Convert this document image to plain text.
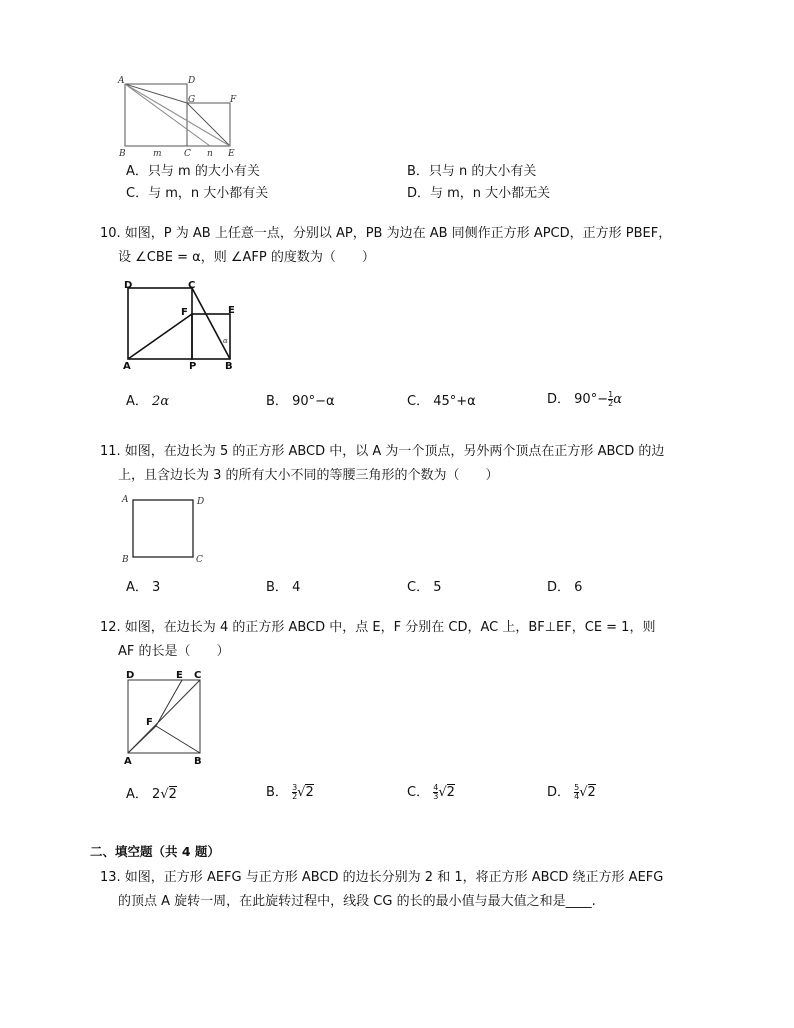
A	D
G	F
B	m C n E
A．只与 m 的大小有关	B．只与 n 的大小有关
C．与 m，n 大小都有关	D．与 m，n 大小都无关
10. 如图，P 为 AB 上任意一点，分别以 AP，PB 为边在 AB 同侧作正方形 APCD，正方形 PBEF，
设 ∠CBE = α，则 ∠AFP 的度数为（　　）
D	C
F	E
A	P	B
α
A． 2α	B． 90°−α	C． 45°+α	D． $90^\circ- \frac{1}{2}$ α
11. 如图，在边长为 5 的正方形 ABCD 中，以 A 为一个顶点，另外两个顶点在正方形 ABCD 的边
上，且含边长为 3 的所有大小不同的等腰三角形的个数为（　　）
A	D
B	C
A． 3	B． 4	C． 5	D． 6
12. 如图，在边长为 4 的正方形 ABCD 中，点 E，F 分别在 CD，AC 上，BF⊥EF，CE = 1，则
AF 的长是（　　）
D	E C
F
A	B
A． 2√2	B． $\frac{3}{2} √2$	C． $\frac{4}{3} √2$	D． $\frac{5}{4} √2$
二、填空题（共 4 题）
13. 如图，正方形 AEFG 与正方形 ABCD 的边长分别为 2 和 1，将正方形 ABCD 绕正方形 AEFG
的顶点 A 旋转一周，在此旋转过程中，线段 CG 的长的最小值与最大值之和是____.
